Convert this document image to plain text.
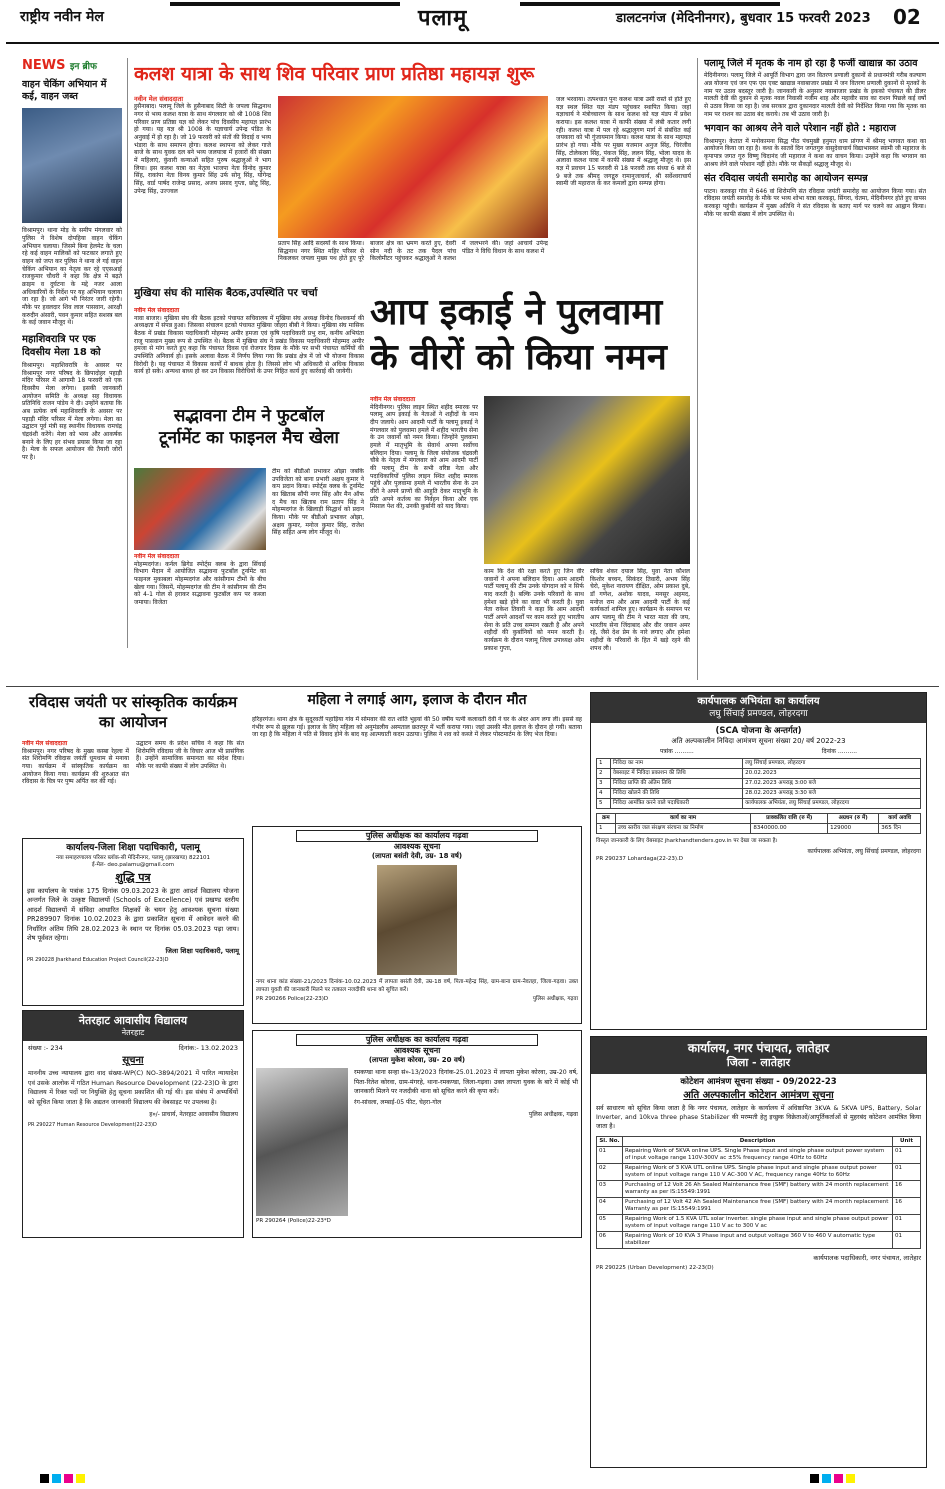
राष्ट्रीय नवीन मेल	पलामू	डालटनगंज (मेदिनीनगर), बुधवार 15 फरवरी 2023 02
NEWS इन ब्रीफ
वाहन चेकिंग अभियान में कई, वाहन जब्त

विश्रामपुर। थाना मोड़ के समीप मंगलवार को पुलिस ने विशेष दोपहिया वाहन चेकिंग अभियान चलाया। जिसमे बिना हेलमेट के चला रहे कई वाहन मालिकों को फटकार लगाते हुए वाहन को जप्त कर पुलिस ने थाना ले गई वाहन चेकिंग अभियान का नेतृत्व कर रहे एएसआई राजकुमार चौधरी ने कहा कि क्षेत्र में बढ़ते क्राइम व दुर्घटना के मद्दे नजर आला अधिकारियों के निर्देश पर यह अभियान चलाया जा रहा है। जो आगे भी निरंतर जारी रहेगी। मौके पर हवलदार शिव लाल पासवान, आरक्षी करुदीन अंसारी, पवन कुमार सहित सशस्त्र बल के कई जवान मौजूद थे।

महाशिवरात्रि पर एक दिवसीय मेला 18 को

विश्रामपुर। महाशिवरात्रि के अवसर पर विश्रामपुर नगर परिषद के छिपादोहर पहाड़ी मंदिर परिसर में आगामी 18 फरवरी को एक दिवसीय मेला लगेगा। इसकी जानकारी आयोजन समिति के अध्यक्ष सह विधायक प्रतिनिधि राजन पांडेय ने दी। उन्होंने बताया कि अब प्रत्येक वर्ष महाशिवरात्रि के अवसर पर पहाड़ी मंदिर परिसर में मेला लगेगा। मेला का उद्घाटन पूर्व मंत्री सह स्थानीय विधायक रामचंद्र चंद्रवंशी करेंगे। मेला को भव्य और आकर्षक बनाने के लिए हर संभव प्रयास किया जा रहा है। मेला के सफल आयोजन की तैयारी जोरों पर है।

कलश यात्रा के साथ शिव परिवार प्राण प्रतिष्ठा महायज्ञ शुरू
नवीन मेल संवाददाता

हुसैनाबाद। पलामू जिले के हुसैनाबाद सिटी के जपला सिद्धनाथ नगर से भव्य कलश यात्रा के साथ मंगलवार को श्री 1008 शिव परिवार प्राण प्रतिष्ठा यज्ञ को लेकर पांच दिवसीय महायज्ञ प्रारंभ हो गया। यह यज्ञ श्री 1008 के यज्ञाचार्य उपेन्द्र पंडित के अनुवाई में हो रहा है। जो 19 फरवरी को संतों की विदाई व भव्य भंडारा के साथ समापन होगा। कलश स्थापना को लेकर गाजे बाजे के साथ युवक दल बने भव्य जलयात्रा में हजारों की संख्या में महिलाएं, कुंवारी कन्याओं सहित पुरुष श्रद्धालुओं ने भाग लिया। इस कलश यात्रा का नेतृत्व भाजपा नेता विनोद कुमार सिंह, राकांपा नेता विनय कुमार सिंह उर्फ सोनू सिंह, योगेन्द्र सिंह, वार्ड पार्षद राजेन्द्र प्रसाद, अजय प्रसाद गुप्ता, छोटू सिंह, उपेन्द्र सिंह, उज्ज्वल

प्रताप सिंह आदि सदस्यों के साथ किया। सिद्धनाथ नगर स्थित महिर परिसर से निकलकर जपला मुख्य पथ होते हुए पूरे बाजार क्षेत्र का भ्रमण करते हुए, देवरी सोन नदी के तट तक पैदल पांच किलोमीटर पहुंचकर श्रद्धालुओं ने कलश में जलभरने की। जहां आचार्य उपेन्द्र पंडित ने विधि विधान के साथ कलश में

जल भरवाया। तत्पश्चात पुनः कलश यात्रा उसी रास्ते से होते हुए यज्ञ स्थल स्थित यज्ञ मंडप पहुंचकर स्थापित किया। जहां यज्ञाचार्य ने मंत्रोच्चारण के साथ कलश को यज्ञ मंडप में प्रवेश कराया। इस कलश यात्रा में काफी संख्या में लंबी कतार लगी रही। कलश यात्रा में पल रहे श्रद्धालुगण मार्ग में संबंधित कई जयकारा को भी गुंजायमान किया। कलश यात्रा के साथ महायज्ञ प्रारंभ हो गया। मौके पर मुख्य यजमान अनुज सिंह, चिरंजीव सिंह, टोलेकला सिंह, पंकज सिंह, ललन सिंह, भोला यादव के अलावा कलश यात्रा में काफी संख्या में श्रद्धालु मौजूद थे। इस यज्ञ में प्रवचन 15 फरवरी से 18 फरवरी तक संध्या 6 बजे से 9 बजे तक श्रीमद् जगद्गुरु रामानुजाचार्य, श्री सर्वेश्वराचार्य स्वामी जी महाराज के कर कमलों द्वारा सम्पन्न होगा।

मुखिया संघ की मासिक बैठक,उपस्थिति पर चर्चा
नवीन मेल संवाददाता

नावा बाजार। मुखिया संघ की बैठक इटको पंचायत सचिवालय में मुखिया संघ अध्यक्ष विनोद विश्वकर्मा की अध्यक्षता में संपन्न हुआ। जिसका संचालन इटको पंचायत मुखिया जोहरा बीबी ने किया। मुखिया संघ मासिक बैठक में प्रखंड विकास पदाधिकारी मोहम्मद अमीर हमजा एवं कृषि पदाधिकारी प्रभु राम, कनीय अभियंता राजू पासवान मुख्य रूप से उपस्थित थे। बैठक में मुखिया संघ ने प्रखंड विकास पदाधिकारी मोहम्मद अमीर हमजा से मांग करते हुए कहा कि पंचायत दिवस एवं रोजगार दिवस के मौके पर सभी पंचायत कर्मियों की उपस्थिति अनिवार्य हो। इसके अलावा बैठक में निर्णय लिया गया कि प्रखंड क्षेत्र में जो भी योजना विकास विरोधी है। यह पंचायत में विकास कार्यों में बाधक होता है। जिससे लोग भी अधिकारी से अधिक विकास कार्य हो सके। अन्यथा बाध्य हो कर उन विकास विरोधियों के उपर निहित कार्य हुए कार्रवाई की जायेगी।

सद्भावना टीम ने फुटबॉल
टूर्नामेंट का फाइनल मैच खेला
नवीन मेल संवाददाता

मोहम्मदगंज। कर्नल ब्रिगेड स्पोर्ट्स क्लब के द्वारा सिंचाई विभाग मैदान में आयोजित सद्भावना फुटबॉल टूर्नामेंट का फाइनल मुकाबला मोहम्मदगंज और कांसीगाम टीमों के बीच खेला गया। जिसमें, मोहम्मदगंज की टीम ने कांसीगाम की टीम को 4-1 गोल से हराकर सद्भावना फुटबॉल कप पर कब्जा जमाया। विजेता

टीम को बीडीओ प्रभाकर ओझा जबकि उपविजेता को बाना प्रभारी अक्षय कुमार ने कप प्रदान किया। स्पोर्ट्स क्लब के टूर्नामेंट का खिताब सौंपी नगर सिंह और मैन ऑफ द मैच का खिताब राम प्रताप सिंह ने मोहम्मदगंज के खिलाड़ी सिद्धार्थ को प्रदान किया। मौके पर बीडीओ प्रभाकर ओझा, अक्षय कुमार, मनोज कुमार सिंह, राजेश सिंह सहित अन्य लोग मौजूद थे।

आप इकाई ने पुलवामा
के वीरों को किया नमन
नवीन मेल संवाददाता

मेदिनीनगर। पुलिस लाइन स्थित शहीद स्मारक पर पलामू आप इकाई के नेताओं ने शहीदों के नाम दीप जलाये। आम आदमी पार्टी के पलामू इकाई ने मंगलवार को पुलवामा हमले में शहीद भारतीय सेना के उन जवानों को नमन किया। जिन्होंने पुलवामा हमले में मातृभूमि के सेवार्थ अपना सर्वोच्च बलिदान दिया। पलामू के जिला संयोजक चंद्रवली चौबे के नेतृत्व में मंगलवार को आम आदमी पार्टी की पलामू टीम के सभी वरिष्ठ नेता और पदाधिकारियों पुलिस लाइन स्थित शहीद स्मारक पहुंचे और पुलवामा हमले में भारतीय सेना के उन वीरों ने अपने प्राणों की आहुति देकर मातृभूमि के प्रति अपने कर्तव्य का निर्वहन किया और एक मिसाल पेश की, उनकी कुर्बानी को याद किया।

काम कि देश की रक्षा करते हुए जिन वीर जवानों ने अपना बलिदान दिया। आम आदमी पार्टी पलामू की टीम उनके योगदान को न सिर्फ याद करती है। बल्कि उनके परिवारों के साथ हमेशा खड़े होने का वादा भी करती है। युवा नेता राकेश तिवारी ने कहा कि आम आदमी पार्टी अपने आदर्शों पर काम करते हुए भारतीय सेना के प्रति उच्च सम्मान रखती है और अपने शहीदों की कुर्बानियों को नमन करती है। कार्यक्रम के दौरान पलामू जिला उपाध्यक्ष ओम प्रकाश गुप्ता,

सचिव शंकर दयाल सिंह, युवा नेता कौशल किशोर बच्चन, सिकंदर तिवारी, अभय सिंह चेरो, मुकेश नारायण दीक्षित, ओम प्रकाश दुबे, डॉ गणेश, अशोक यादव, मनसूर अहमद, मनोज राम और आम आदमी पार्टी के कई कार्यकर्ता शामिल हुए। कार्यक्रम के समापन पर आप पलामू की टीम ने भारत माता की जय, भारतीय सेना जिंदाबाद और वीर जवान अमर रहे, जैसे देश प्रेम के नारे लगाए और हमेशा शहीदों के परिवारों के हित में खड़े रहने की शपथ ली।

पलामू जिले में मृतक के नाम हो रहा है फर्जी खाद्यान्न का उठाव

मेदिनीनगर। पलामू जिले में आपूर्ति विभाग द्वारा जन वितरण प्रणाली दुकानों से प्रधानमंत्री गरीब कल्याण अन्न योजना एवं जन एफ एस एक्ट खाद्यान्न नवाबाजार प्रखंड में जन वितरण प्रणाली दुकानों से मृतकों के नाम पर उठाव बदस्तूर जारी है। जानकारी के अनुसार नवाबाजार प्रखंड के इकको पंचायत की डीलर मालती देवी की दुकान से मृतक नवल निवासी नजीम शाह और महावीर साव का राशन पिछले कई वर्षों से उठाव किया जा रहा है। जब सरकार द्वारा दुकानदार मालती देवी को निर्देशित किया गया कि मृतक का नाम पर राशन का उठाव बंद कराये। तब भी उठाव जारी है।

भगवान का आश्रय लेने वाले परेशान नहीं होते : महाराज

विश्रामपुर। केतात में मनोकामना सिद्ध पीठ पंचमुखी हनुमत धाम प्रांगण में श्रीमद् भागवत कथा का आयोजन किया जा रहा है। कथा के सातवें दिन जगतगुरु वासुदेवाचार्य विद्याभास्कर स्वामी जी महाराज के कृपापात्र जगत गुरु विष्णु चिदानंद जी महाराज ने कथा का वाचन किया। उन्होंने कहा कि भगवान का आश्रय लेने वाले परेशान नहीं होते। मौके पर सैकड़ों श्रद्धालु मौजूद थे।

संत रविदास जयंती समारोह का आयोजन सम्पन्न

पाटन। करकट्टा गांव में 646 वां शिरोमणि संत रविदास जयंती समारोह का आयोजन किया गया। संत रविदास जयंती समारोह के मौके पर भव्य शोभा यात्रा करकट्टा, सिंगरा, चेतमा, मेदिनीनगर होते हुए वापस करकट्टा पहुंची। कार्यक्रम में मुख्य अतिथि ने संत रविदास के बताए मार्ग पर चलने का आह्वान किया। मौके पर काफी संख्या में लोग उपस्थित थे।

रविदास जयंती पर सांस्कृतिक कार्यक्रम का आयोजन
नवीन मेल संवाददाता

विश्रामपुर। नगर परिषद के मुख्य कस्बा रेहला में संत शिरोमणि रविदास जयंती धूमधाम से मनाया गया। कार्यक्रम में सांस्कृतिक कार्यक्रम का आयोजन किया गया। कार्यक्रम की शुरुआत संत रविदास के चित्र पर पुष्प अर्पित कर की गई।

उद्घाटन समय के प्रदेश सचिव ने कहा कि संत शिरोमणि रविदास जी के विचार आज भी प्रासंगिक हैं। उन्होंने सामाजिक समानता का संदेश दिया। मौके पर काफी संख्या में लोग उपस्थित थे।

महिला ने लगाई आग, इलाज के दौरान मौत

हरिहरगंज। थाना क्षेत्र के सुदूरवर्ती पहाड़िया गांव में सोमवार की रात शांति भुइयां की 50 वर्षीय पत्नी कलावती देवी ने घर के अंदर आग लगा ली। इससे वह गंभीर रूप से झुलस गई। इलाज के लिए महिला को अनुमंडलीय अस्पताल छतरपुर में भर्ती कराया गया। जहां उसकी मौत इलाज के दौरान हो गयी। बताया जा रहा है कि महिला ने पति से विवाद होने के बाद यह आत्मघाती कदम उठाया। पुलिस ने शव को कब्जे में लेकर पोस्टमार्टम के लिए भेज दिया।

कार्यालय-जिला शिक्षा पदाधिकारी, पलामू
नया समाहरणालय परिसर ब्लॉक-सी मेदिनीनगर, पलामू (झारखण्ड) 822101
ई-मेल- deo.palamu@gmail.com
शुद्धि पत्र

इस कार्यालय के पत्रांक 175 दिनांक 09.03.2023 के द्वारा आदर्श विद्यालय योजना अन्तर्गत जिले के उत्कृष्ट विद्यालयों (Schools of Excellence) एवं प्रखण्ड स्तरीय आदर्श विद्यालयों में संविदा आधारित शिक्षकों के चयन हेतु आवश्यक सूचना संख्या PR289907 दिनांक 10.02.2023 के द्वारा प्रकाशित सूचना में आवेदन करने की निर्धारित अंतिम तिथि 28.02.2023 के स्थान पर दिनांक 05.03.2023 पढ़ा जाय। शेष पूर्ववत रहेगा।

जिला शिक्षा पदाधिकारी, पलामू
PR 290228 Jharkhand Education Project Council(22-23)D
नेतरहाट आवासीय विद्यालय
नेतरहाट
संख्या :- 234	दिनांक:- 13.02.2023
सूचना

माननीय उच्च न्यायालय द्वारा वाद संख्या-WP(C) NO-3894/2021 में पारित न्यायादेश एवं उसके आलोक में गठित Human Resource Development (22-23)D के द्वारा विद्यालय में रिक्त पदों पर नियुक्ति हेतु सूचना प्रकाशित की गई थी। इस संबंध में अभ्यर्थियों को सूचित किया जाता है कि अद्यतन जानकारी विद्यालय की वेबसाइट पर उपलब्ध है।

ह०/- प्राचार्य, नेतरहाट आवासीय विद्यालय
PR 290227 Human Resource Development(22-23)D
पुलिस अधीक्षक का कार्यालय गढ़वा
आवश्यक सूचना
(लापता बसंती देवी, उम्र- 18 वर्ष)

नगर थाना कांड संख्या-21/2023 दिनांक-10.02.2023 में लापता बसंती देवी, उम्र-18 वर्ष, पिता-महेन्द्र सिंह, ग्राम-बाना ग्राम-नेवतहा, जिला-गढ़वा। उक्त लापता युवती की जानकारी मिलने पर तत्काल नजदीकी थाना को सूचित करें।

PR 290266 Police(22-23)D	पुलिस अधीक्षक, गढ़वा
पुलिस अधीक्षक का कार्यालय गढ़वा
आवश्यक सूचना
(लापता मुकेश कोरवा, उम्र- 20 वर्ष)

रमकण्डा थाना सन्हा सं०-13/2023 दिनांक-25.01.2023 में लापता मुकेश कोरवा, उम्र-20 वर्ष, पिता-रितेश कोरवा, ग्राम-मंगरहे, थाना-रमकण्डा, जिला-गढ़वा। उक्त लापता युवक के बारे में कोई भी जानकारी मिलने पर नजदीकी थाना को सूचित करने की कृपा करें।

रंग-सांवला, लम्बाई-05 फीट, चेहरा-गोल

पुलिस अधीक्षक, गढ़वा
PR 290264 (Police)22-23*D
कार्यपालक अभियंता का कार्यालय
लघु सिंचाई प्रमण्डल, लोहरदगा
(SCA योजना के अन्तर्गत)
अति अल्पकालीन निविदा आमंत्रण सूचना संख्या 20/ वर्ष 2022-23
पत्रांक ..........	दिनांक ..........
1	निविदा का नाम	लघु सिंचाई प्रमण्डल, लोहरदगा
2	वेबसाइट में निविदा प्रकाशन की तिथि	20.02.2023
3	निविदा प्राप्ति की अंतिम तिथि	27.02.2023 अपराह्न 3:00 बजे
4	निविदा खोलने की तिथि	28.02.2023 अपराह्न 3:30 बजे
5	निविदा आमंत्रित करने वाले पदाधिकारी	कार्यपालक अभियंता, लघु सिंचाई प्रमण्डल, लोहरदगा
क्रम	कार्य का नाम	प्राक्कलित राशि (रु में)	अग्रधन (रु में)	कार्य अवधि
1	उच्च स्तरीय जल संरक्षण संरचना का निर्माण	8340000.00	129000	365 दिन

विस्तृत जानकारी के लिए वेबसाइट jharkhandtenders.gov.in पर देखा जा सकता है।

कार्यपालक अभियंता, लघु सिंचाई प्रमण्डल, लोहरदगा
PR 290237 Lohardaga(22-23).D
कार्यालय, नगर पंचायत, लातेहार
जिला - लातेहार
कोटेशन आमंत्रण सूचना संख्या - 09/2022-23
अति अल्पकालीन कोटेशन आमंत्रण सूचना

सर्व साधारण को सूचित किया जाता है कि नगर पंचायत, लातेहार के कार्यालय में अधिष्ठापित 3KVA & 5KVA UPS, Battery, Solar Inverter, and 10kva three phase Stabilizer की मरम्मती हेतु इच्छुक विक्रेताओं/आपूर्तिकर्ताओं से मुहरबंद कोटेशन आमंत्रित किया जाता है।

Sl. No.	Description	Unit
01	Repairing Work of 5KVA online UPS. Single Phase input and single phase output power system of input voltage range 110V-300V ac ±5% frequency range 40Hz to 60Hz	01
02	Repairing Work of 3 KVA UTL online UPS. Single phase input and single phase output power system of input voltage range 110 V AC-300 V AC, frequency range 40Hz to 60Hz	01
03	Purchasing of 12 Volt 26 Ah Sealed Maintenance free (SMF) battery with 24 month replacement warranty as per IS:15549:1991	16
04	Purchasing of 12 Volt 42 Ah Sealed Maintenance free (SMF) battery with 24 month replacement Warranty as per IS:15549:1991	16
05	Repairing Work of 1.5 KVA UTL solar inverter. single phase input and single phase output power system of input voltage range 110 V ac to 300 V ac	01
06	Repairing Work of 10 KVA 3 Phase input and output voltage 360 V to 460 V automatic type stabilizer	01
कार्यपालक पदाधिकारी, नगर पंचायत, लातेहार
PR 290225 (Urban Development) 22-23(D)
